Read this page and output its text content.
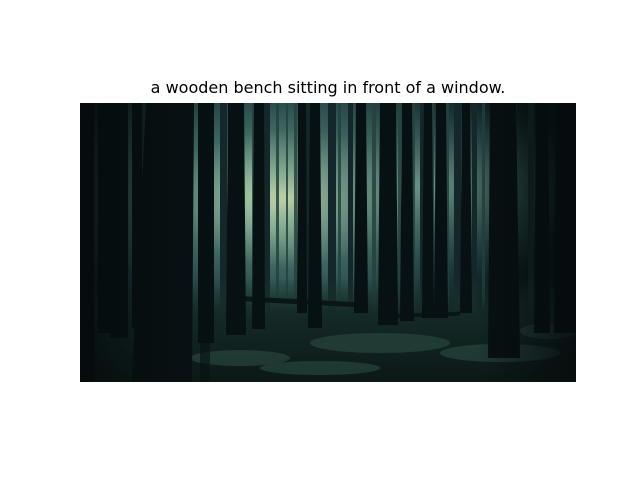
a wooden bench sitting in front of a window.
